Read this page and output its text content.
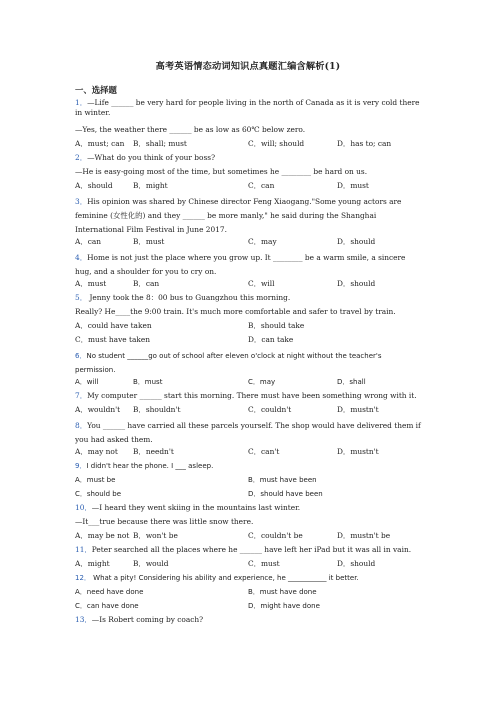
高考英语情态动词知识点真题汇编含解析(1)
一、选择题
1．—Life ______ be very hard for people living in the north of Canada as it is very cold there in winter.
—Yes, the weather there ______ be as low as 60℃ below zero.
A．must; can B．shall; must	C．will; should	D．has to; can
2．—What do you think of your boss?
—He is easy-going most of the time, but sometimes he ________ be hard on us.
A．should	B．might	C．can	D．must
3．His opinion was shared by Chinese director Feng Xiaogang."Some young actors are feminine (女性化的) and they ______ be more manly," he said during the Shanghai International Film Festival in June 2017.
A．can	B．must	C．may	D．should
4．Home is not just the place where you grow up. It ________ be a warm smile, a sincere hug, and a shoulder for you to cry on.
A．must	B．can	C．will	D．should
5． Jenny took the 8：00 bus to Guangzhou this morning.
Really? He____the 9:00 train. It's much more comfortable and safer to travel by train.
A．could have taken	B．should take
C．must have taken	D．can take
6．No student ______go out of school after eleven o'clock at night without the teacher's permission.
A．will	B．must	C．may	D．shall
7．My computer ______ start this morning. There must have been something wrong with it.
A．wouldn't B．shouldn't	C．couldn't	D．mustn't
8．You ______ have carried all these parcels yourself. The shop would have delivered them if you had asked them.
A．may not B．needn't	C．can't	D．mustn't
9．I didn't hear the phone. I ___ asleep.
A．must be	B．must have been
C．should be	D．should have been
10．—I heard they went skiing in the mountains last winter.
—It___true because there was little snow there.
A．may be not B．won't be	C．couldn't be	D．mustn't be
11．Peter searched all the places where he ______ have left her iPad but it was all in vain.
A．might	B．would	C．must	D．should
12． What a pity! Considering his ability and experience, he ___________ it better.
A．need have done	B．must have done
C．can have done	D．might have done
13．—Is Robert coming by coach?
